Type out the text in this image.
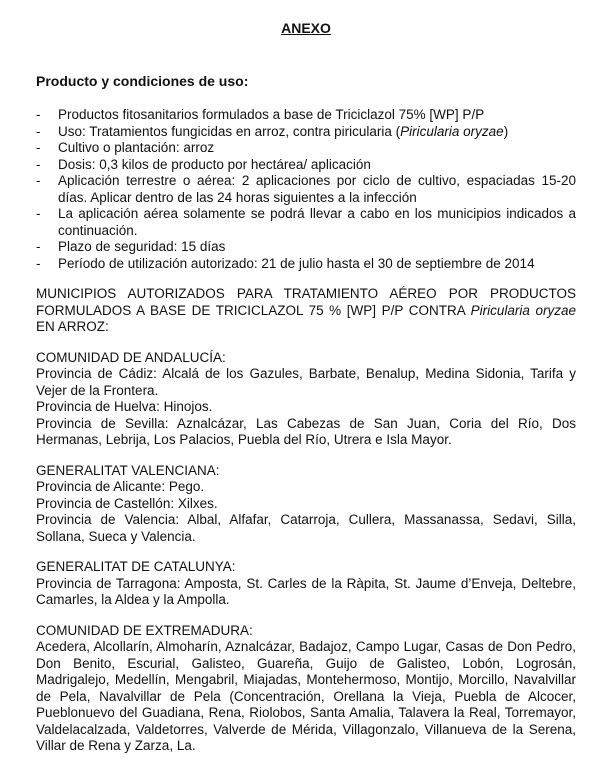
ANEXO
Producto y condiciones de uso:
- Productos fitosanitarios formulados a base de Triciclazol 75% [WP] P/P
- Uso: Tratamientos fungicidas en arroz, contra piricularia (Piricularia oryzae)
- Cultivo o plantación: arroz
- Dosis: 0,3 kilos de producto por hectárea/ aplicación
- Aplicación terrestre o aérea: 2 aplicaciones por ciclo de cultivo, espaciadas 15-20 días. Aplicar dentro de las 24 horas siguientes a la infección
- La aplicación aérea solamente se podrá llevar a cabo en los municipios indicados a continuación.
- Plazo de seguridad: 15 días
- Período de utilización autorizado: 21 de julio hasta el 30 de septiembre de 2014

MUNICIPIOS AUTORIZADOS PARA TRATAMIENTO AÉREO POR PRODUCTOS FORMULADOS A BASE DE TRICICLAZOL 75 % [WP] P/P CONTRA Piricularia oryzae EN ARROZ:

COMUNIDAD DE ANDALUCÍA:

Provincia de Cádiz: Alcalá de los Gazules, Barbate, Benalup, Medina Sidonia, Tarifa y Vejer de la Frontera.

Provincia de Huelva: Hinojos.

Provincia de Sevilla: Aznalcázar, Las Cabezas de San Juan, Coria del Río, Dos Hermanas, Lebrija, Los Palacios, Puebla del Río, Utrera e Isla Mayor.

GENERALITAT VALENCIANA:

Provincia de Alicante: Pego.

Provincia de Castellón: Xilxes.

Provincia de Valencia: Albal, Alfafar, Catarroja, Cullera, Massanassa, Sedavi, Silla, Sollana, Sueca y Valencia.

GENERALITAT DE CATALUNYA:

Provincia de Tarragona: Amposta, St. Carles de la Ràpita, St. Jaume d’Enveja, Deltebre, Camarles, la Aldea y la Ampolla.

COMUNIDAD DE EXTREMADURA:

Acedera, Alcollarín, Almoharín, Aznalcázar, Badajoz, Campo Lugar, Casas de Don Pedro, Don Benito, Escurial, Galisteo, Guareña, Guijo de Galisteo, Lobón, Logrosán, Madrigalejo, Medellín, Mengabril, Miajadas, Montehermoso, Montijo, Morcillo, Navalvillar de Pela, Navalvillar de Pela (Concentración, Orellana la Vieja, Puebla de Alcocer, Pueblonuevo del Guadiana, Rena, Riolobos, Santa Amalia, Talavera la Real, Torremayor, Valdelacalzada, Valdetorres, Valverde de Mérida, Villagonzalo, Villanueva de la Serena, Villar de Rena y Zarza, La.
